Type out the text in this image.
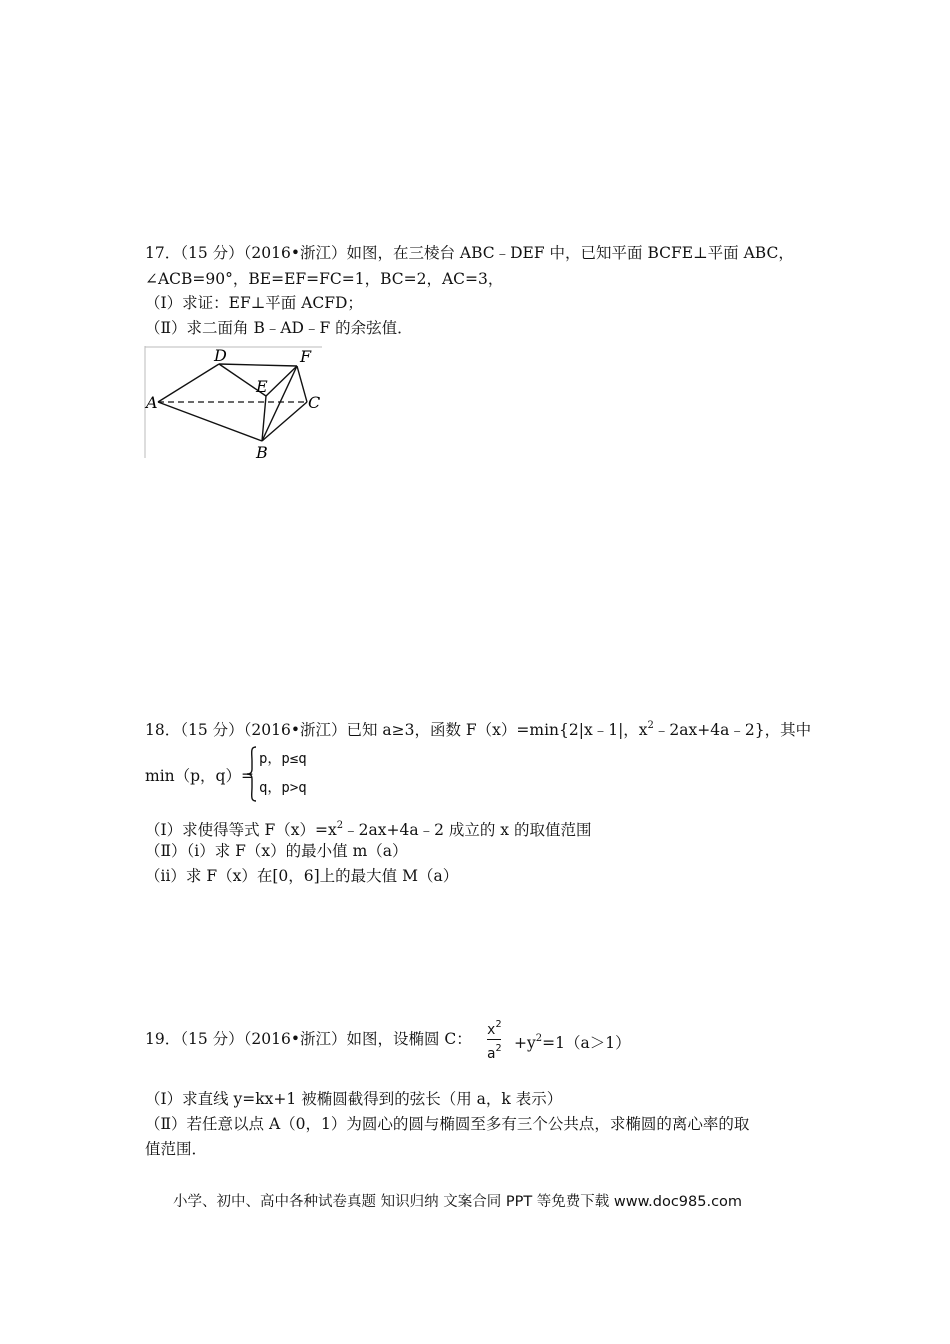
17．（15 分）（2016•浙江）如图，在三棱台 ABC﹣DEF 中，已知平面 BCFE⊥平面 ABC，
∠ACB=90°，BE=EF=FC=1，BC=2，AC=3，
（Ⅰ）求证：EF⊥平面 ACFD；
（Ⅱ）求二面角 B﹣AD﹣F 的余弦值．
A
D	F
E
C
B
18．（15 分）（2016•浙江）已知 a≥3，函数 F（x）=min{2|x﹣1|，$x^2﹣2ax+4a﹣2$}，其中
min（p，q）=
p，p≤q
q，p>q
（Ⅰ）求使得等式 $F(x)=x^2﹣2ax+4a﹣2$ 成立的 x 的取值范围
（Ⅱ）（i）求 F（x）的最小值 m（a）
（ii）求 F（x）在[0，6]上的最大值 M（a）
19．（15 分）（2016•浙江）如图，设椭圆 C： $x^2$
$a^2 +y^2=1(a>1)$
（Ⅰ）求直线 y=kx+1 被椭圆截得到的弦长（用 a，k 表示）
（Ⅱ）若任意以点 A（0，1）为圆心的圆与椭圆至多有三个公共点，求椭圆的离心率的取
值范围．
小学、初中、高中各种试卷真题 知识归纳 文案合同 PPT 等免费下载 www.doc985.com
